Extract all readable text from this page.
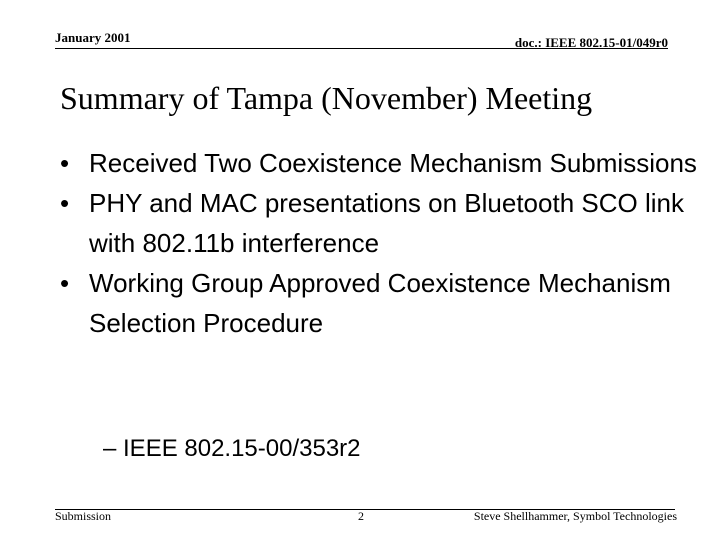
January 2001	doc.: IEEE 802.15-01/049r0
Summary of Tampa (November) Meeting
• Received Two Coexistence Mechanism Submissions
• PHY and MAC presentations on Bluetooth SCO link with 802.11b interference
• Working Group Approved Coexistence Mechanism Selection Procedure
– IEEE 802.15-00/353r2
Submission	2	Steve Shellhammer, Symbol Technologies
